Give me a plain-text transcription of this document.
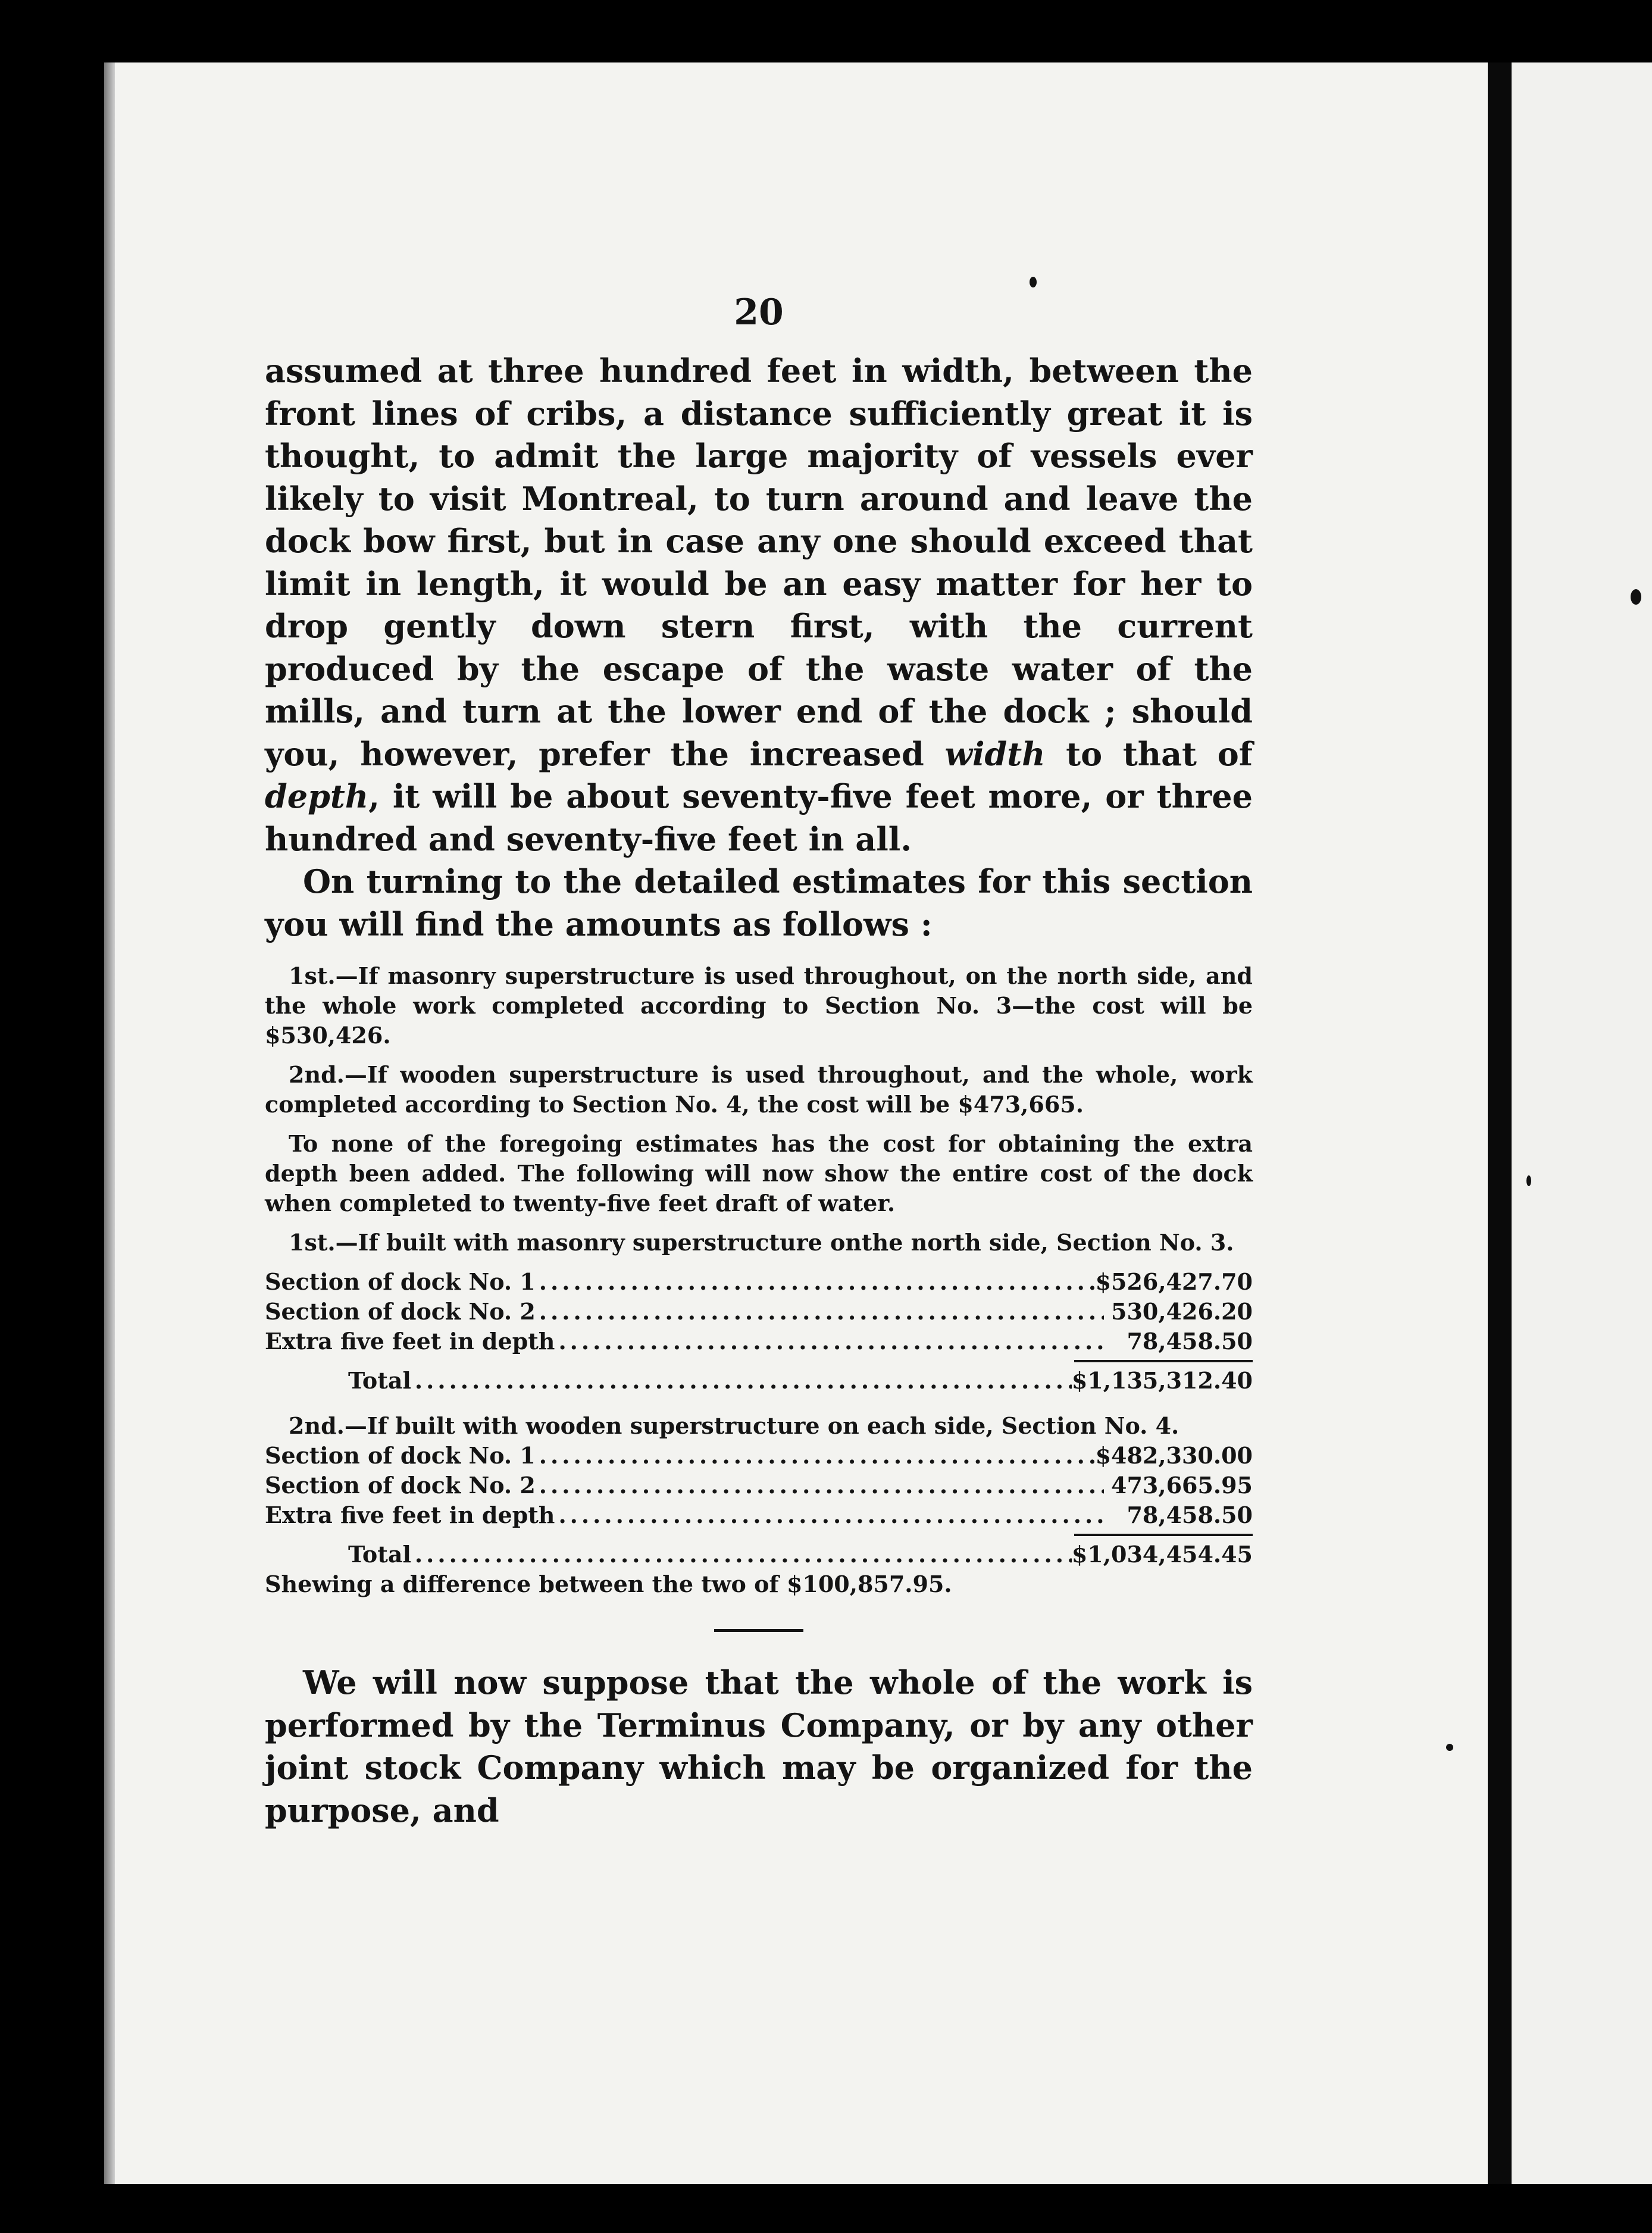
20

assumed at three hundred feet in width, between the front lines of cribs, a distance sufficiently great it is thought, to admit the large majority of vessels ever likely to visit Montreal, to turn around and leave the dock bow first, but in case any one should exceed that limit in length, it would be an easy matter for her to drop gently down stern first, with the current produced by the escape of the waste water of the mills, and turn at the lower end of the dock ; should you, however, prefer the increased width to that of depth, it will be about seventy-five feet more, or three hundred and seventy-five feet in all.

On turning to the detailed estimates for this section you will find the amounts as follows :

1st.—If masonry superstructure is used throughout, on the north side, and the whole work completed according to Section No. 3—the cost will be $530,426.

2nd.—If wooden superstructure is used throughout, and the whole, work completed according to Section No. 4, the cost will be $473,665.

To none of the foregoing estimates has the cost for obtaining the extra depth been added. The following will now show the entire cost of the dock when completed to twenty-five feet draft of water.

1st.—If built with masonry superstructure onthe north side, Section No. 3.

Section of dock No. 1 .....	$526,427.70
Section of dock No. 2 .....	530,426.20
Extra five feet in depth .....	78,458.50
Total .....	$1,135,312.40

2nd.—If built with wooden superstructure on each side, Section No. 4.

Section of dock No. 1 .....	$482,330.00
Section of dock No. 2 .....	473,665.95
Extra five feet in depth .....	78,458.50
Total .....	$1,034,454.45

Shewing a difference between the two of $100,857.95.

We will now suppose that the whole of the work is performed by the Terminus Company, or by any other joint stock Company which may be organized for the purpose, and
